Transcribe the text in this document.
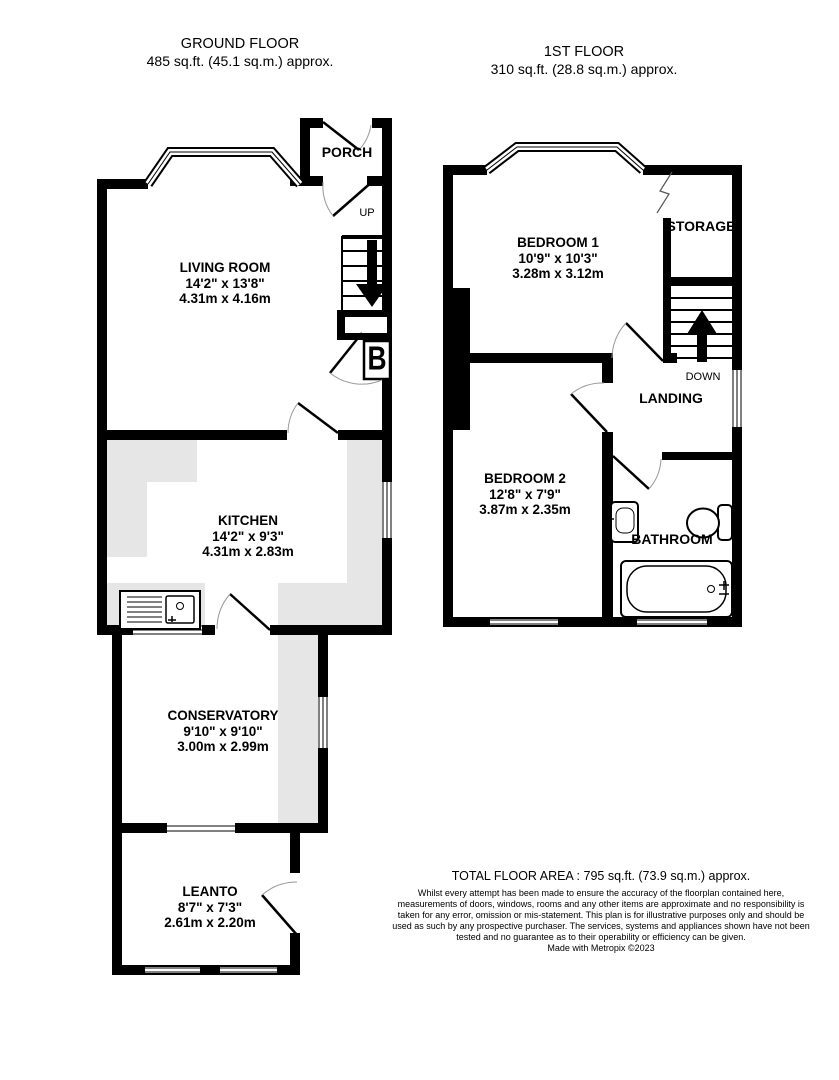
GROUND FLOOR
485 sq.ft. (45.1 sq.m.) approx.
1ST FLOOR
310 sq.ft. (28.8 sq.m.) approx.
LIVING ROOM
14'2" x 13'8"
4.31m x 4.16m
KITCHEN
14'2" x 9'3"
4.31m x 2.83m
CONSERVATORY
9'10" x 9'10"
3.00m x 2.99m
LEANTO
8'7" x 7'3"
2.61m x 2.20m
PORCH
UP
B
BEDROOM 1
10'9" x 10'3"
3.28m x 3.12m
BEDROOM 2
12'8" x 7'9"
3.87m x 2.35m
STORAGE
DOWN
LANDING
BATHROOM
TOTAL FLOOR AREA : 795 sq.ft. (73.9 sq.m.) approx.
Whilst every attempt has been made to ensure the accuracy of the floorplan contained here, measurements of doors, windows, rooms and any other items are approximate and no responsibility is taken for any error, omission or mis-statement. This plan is for illustrative purposes only and should be used as such by any prospective purchaser. The services, systems and appliances shown have not been tested and no guarantee as to their operability or efficiency can be given.
Made with Metropix ©2023
